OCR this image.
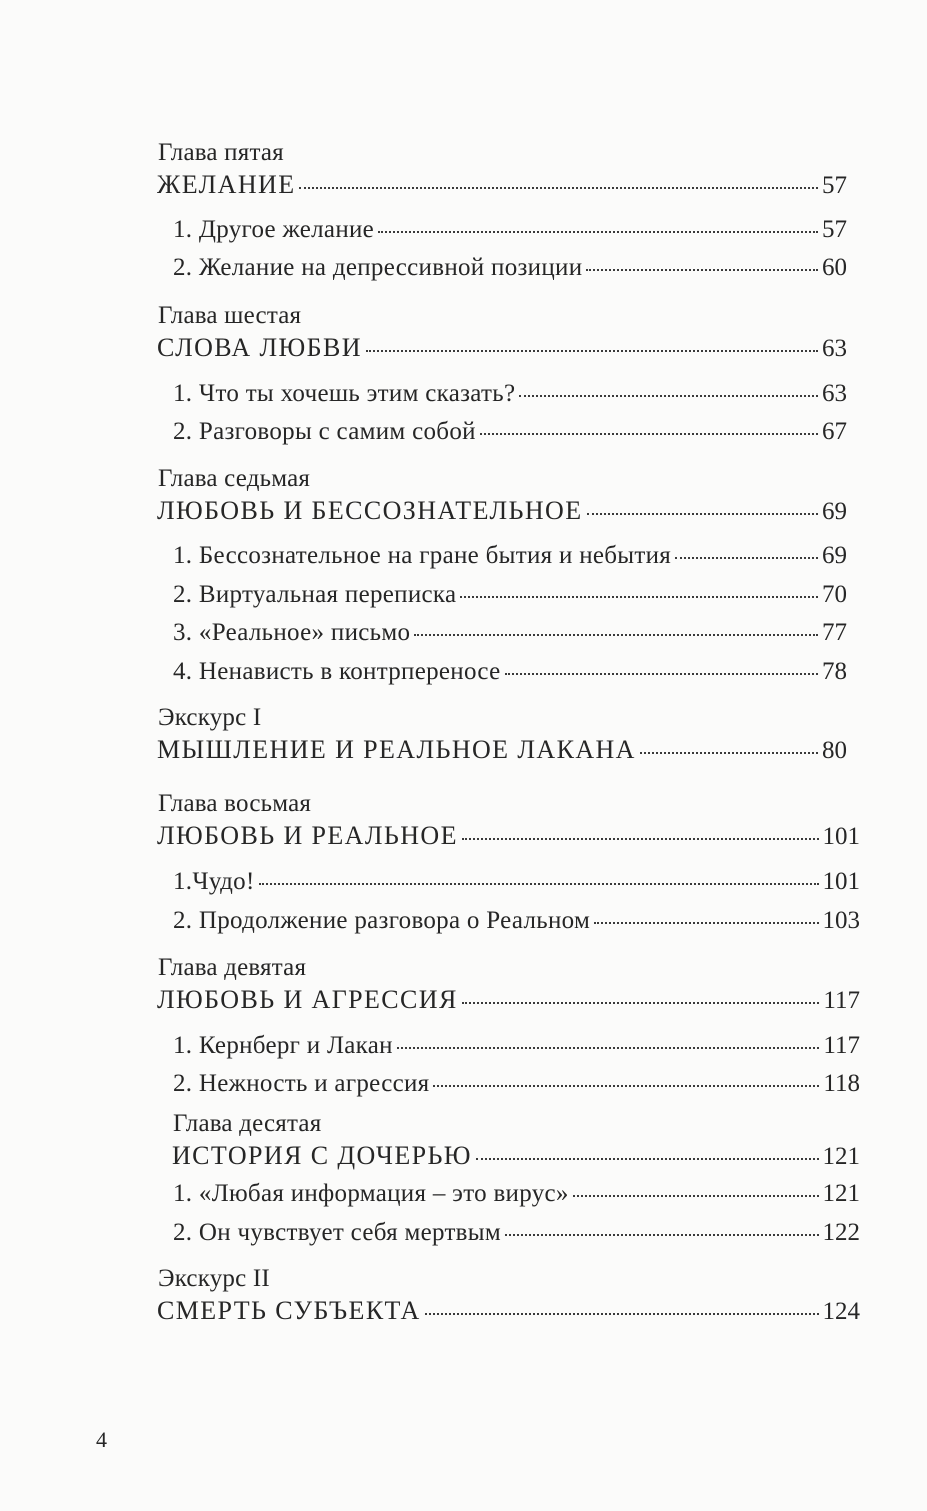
Глава пятая
ЖЕЛАНИЕ	57
1. Другое желание	57
2. Желание на депрессивной позиции	60
Глава шестая
СЛОВА ЛЮБВИ	63
1. Что ты хочешь этим сказать?	63
2. Разговоры с самим собой	67
Глава седьмая
ЛЮБОВЬ И БЕССОЗНАТЕЛЬНОЕ	69
1. Бессознательное на гране бытия и небытия	69
2. Виртуальная переписка	70
3. «Реальное» письмо	77
4. Ненависть в контрпереносе	78
Экскурс I
МЫШЛЕНИЕ И РЕАЛЬНОЕ ЛАКАНА	80
Глава восьмая
ЛЮБОВЬ И РЕАЛЬНОЕ	101
1.Чудо!	101
2. Продолжение разговора о Реальном	103
Глава девятая
ЛЮБОВЬ И АГРЕССИЯ	117
1. Кернберг и Лакан	117
2. Нежность и агрессия	118
Глава десятая
ИСТОРИЯ С ДОЧЕРЬЮ	121
1. «Любая информация – это вирус»	121
2. Он чувствует себя мертвым	122
Экскурс II
СМЕРТЬ СУБЪЕКТА	124
4
